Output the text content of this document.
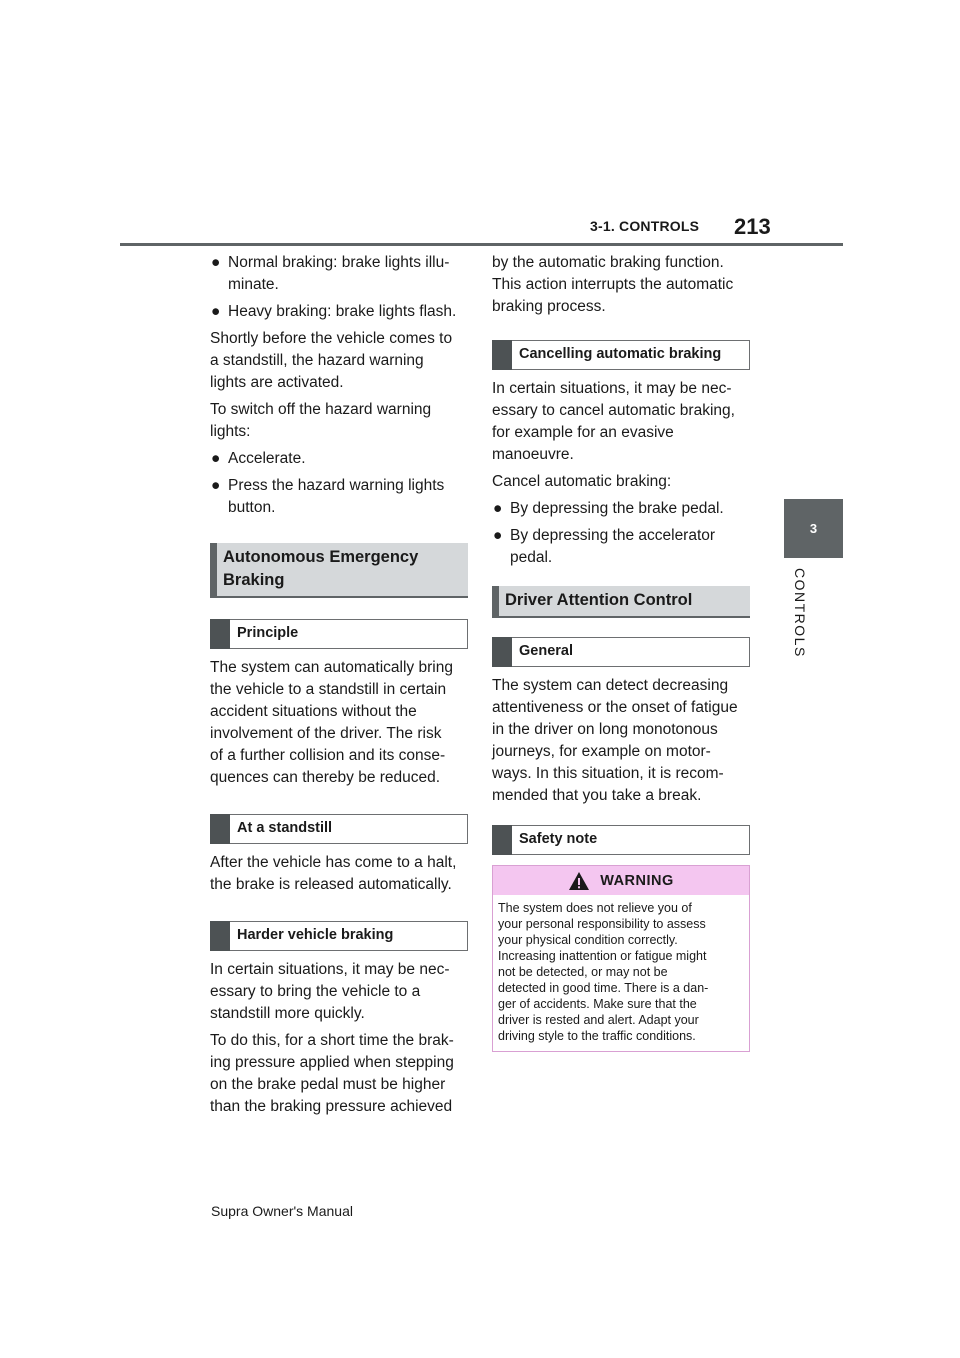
3-1. CONTROLS 213
3
CONTROLS
● Normal braking: brake lights illu-
minate.
● Heavy braking: brake lights flash.

Shortly before the vehicle comes to
a standstill, the hazard warning
lights are activated.

To switch off the hazard warning
lights:

● Accelerate.
● Press the hazard warning lights
button.
Autonomous Emergency
Braking
Principle

The system can automatically bring
the vehicle to a standstill in certain
accident situations without the
involvement of the driver. The risk
of a further collision and its conse-
quences can thereby be reduced.

At a standstill

After the vehicle has come to a halt,
the brake is released automatically.

Harder vehicle braking

In certain situations, it may be nec-
essary to bring the vehicle to a
standstill more quickly.

To do this, for a short time the brak-
ing pressure applied when stepping
on the brake pedal must be higher
than the braking pressure achieved

by the automatic braking function.
This action interrupts the automatic
braking process.

Cancelling automatic braking

In certain situations, it may be nec-
essary to cancel automatic braking,
for example for an evasive
manoeuvre.

Cancel automatic braking:

● By depressing the brake pedal.
● By depressing the accelerator
pedal.
Driver Attention Control
General

The system can detect decreasing
attentiveness or the onset of fatigue
in the driver on long monotonous
journeys, for example on motor-
ways. In this situation, it is recom-
mended that you take a break.

Safety note
WARNING
The system does not relieve you of
your personal responsibility to assess
your physical condition correctly.
Increasing inattention or fatigue might
not be detected, or may not be
detected in good time. There is a dan-
ger of accidents. Make sure that the
driver is rested and alert. Adapt your
driving style to the traffic conditions.
Supra Owner's Manual
